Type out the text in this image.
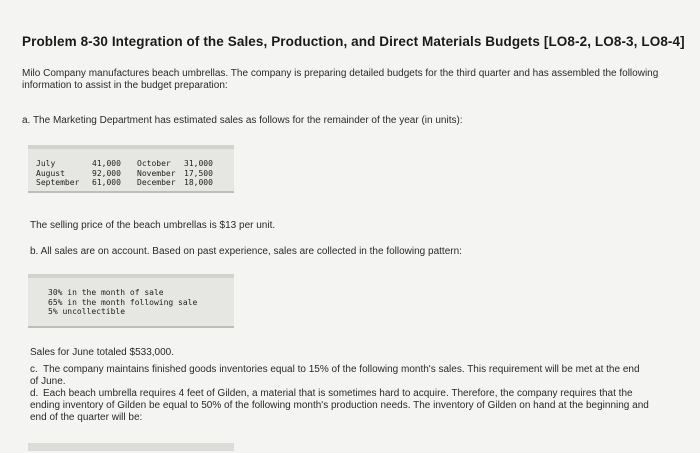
Problem 8-30 Integration of the Sales, Production, and Direct Materials Budgets [LO8-2, LO8-3, LO8-4]
Milo Company manufactures beach umbrellas. The company is preparing detailed budgets for the third quarter and has assembled the following information to assist in the budget preparation:
a. The Marketing Department has estimated sales as follows for the remainder of the year (in units):
July	41,000	October	31,000
August	92,000	November	17,500
September	61,000	December	18,000
The selling price of the beach umbrellas is $13 per unit.
b. All sales are on account. Based on past experience, sales are collected in the following pattern:
30% in the month of sale
65% in the month following sale
5% uncollectible
Sales for June totaled $533,000.
c. The company maintains finished goods inventories equal to 15% of the following month's sales. This requirement will be met at the end of June.
d. Each beach umbrella requires 4 feet of Gilden, a material that is sometimes hard to acquire. Therefore, the company requires that the ending inventory of Gilden be equal to 50% of the following month's production needs. The inventory of Gilden on hand at the beginning and end of the quarter will be:
